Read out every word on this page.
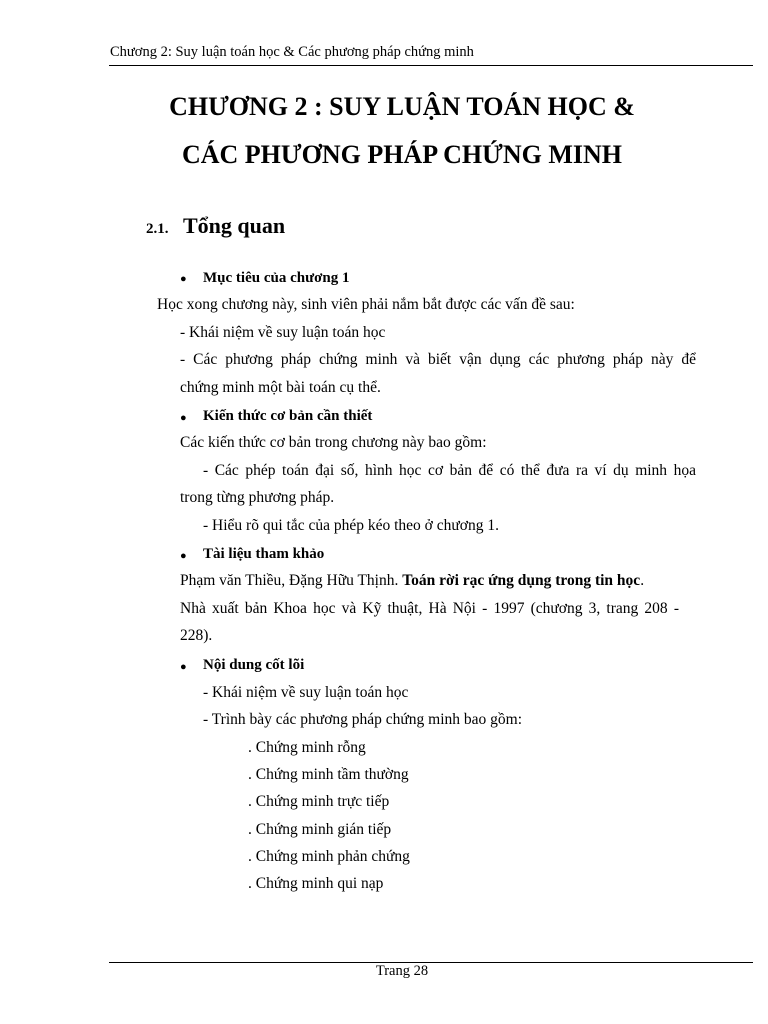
Chương 2: Suy luận toán học & Các phương pháp chứng minh
CHƯƠNG 2 : SUY LUẬN TOÁN HỌC &
CÁC PHƯƠNG PHÁP CHỨNG MINH
2.1. Tổng quan
● Mục tiêu của chương 1
Học xong chương này, sinh viên phải nắm bắt được các vấn đề sau:
- Khái niệm về suy luận toán học
- Các phương pháp chứng minh và biết vận dụng các phương pháp này để
chứng minh một bài toán cụ thể.
● Kiến thức cơ bản cần thiết
Các kiến thức cơ bản trong chương này bao gồm:
- Các phép toán đại số, hình học cơ bản để có thể đưa ra ví dụ minh họa
trong từng phương pháp.
- Hiểu rõ qui tắc của phép kéo theo ở chương 1.
● Tài liệu tham khảo
Phạm văn Thiều, Đặng Hữu Thịnh. Toán rời rạc ứng dụng trong tin học.
Nhà xuất bản Khoa học và Kỹ thuật, Hà Nội - 1997 (chương 3, trang 208 -
228).
● Nội dung cốt lõi
- Khái niệm về suy luận toán học
- Trình bày các phương pháp chứng minh bao gồm:
. Chứng minh rỗng
. Chứng minh tầm thường
. Chứng minh trực tiếp
. Chứng minh gián tiếp
. Chứng minh phản chứng
. Chứng minh qui nạp
Trang 28
